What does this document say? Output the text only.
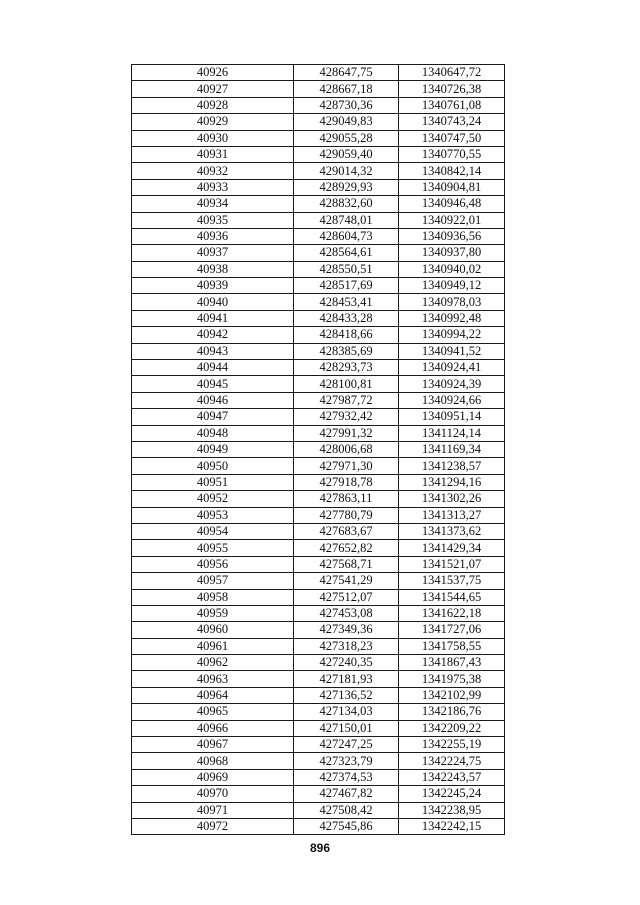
40926	428647,75	1340647,72
40927	428667,18	1340726,38
40928	428730,36	1340761,08
40929	429049,83	1340743,24
40930	429055,28	1340747,50
40931	429059,40	1340770,55
40932	429014,32	1340842,14
40933	428929,93	1340904,81
40934	428832,60	1340946,48
40935	428748,01	1340922,01
40936	428604,73	1340936,56
40937	428564,61	1340937,80
40938	428550,51	1340940,02
40939	428517,69	1340949,12
40940	428453,41	1340978,03
40941	428433,28	1340992,48
40942	428418,66	1340994,22
40943	428385,69	1340941,52
40944	428293,73	1340924,41
40945	428100,81	1340924,39
40946	427987,72	1340924,66
40947	427932,42	1340951,14
40948	427991,32	1341124,14
40949	428006,68	1341169,34
40950	427971,30	1341238,57
40951	427918,78	1341294,16
40952	427863,11	1341302,26
40953	427780,79	1341313,27
40954	427683,67	1341373,62
40955	427652,82	1341429,34
40956	427568,71	1341521,07
40957	427541,29	1341537,75
40958	427512,07	1341544,65
40959	427453,08	1341622,18
40960	427349,36	1341727,06
40961	427318,23	1341758,55
40962	427240,35	1341867,43
40963	427181,93	1341975,38
40964	427136,52	1342102,99
40965	427134,03	1342186,76
40966	427150,01	1342209,22
40967	427247,25	1342255,19
40968	427323,79	1342224,75
40969	427374,53	1342243,57
40970	427467,82	1342245,24
40971	427508,42	1342238,95
40972	427545,86	1342242,15
896
